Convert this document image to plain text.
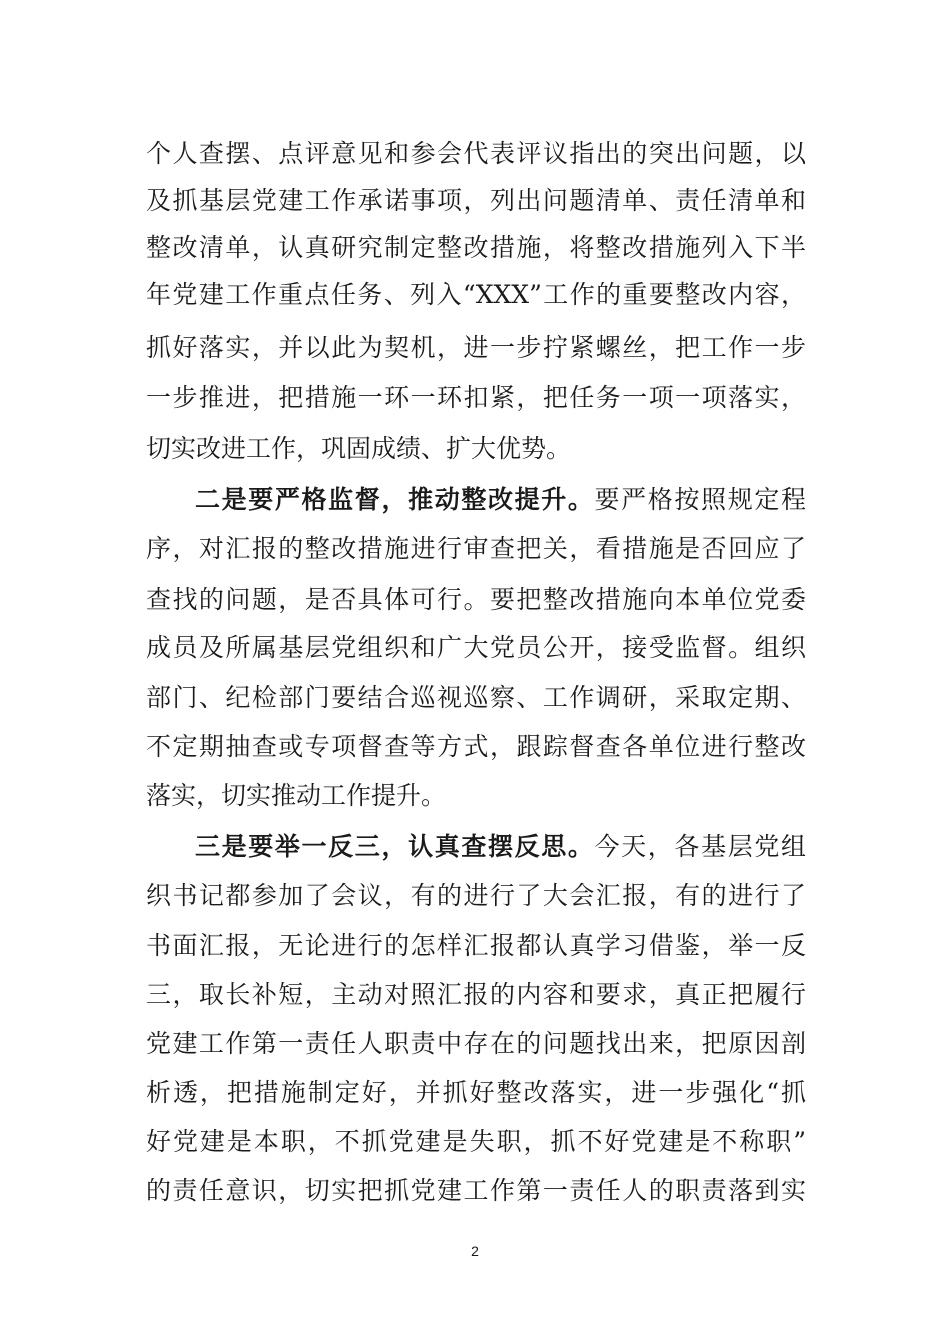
个人查摆、点评意见和参会代表评议指出的突出问题，以
及抓基层党建工作承诺事项，列出问题清单、责任清单和
整改清单，认真研究制定整改措施，将整改措施列入下半
年党建工作重点任务、列入“XXX”工作的重要整改内容，
抓好落实，并以此为契机，进一步拧紧螺丝，把工作一步
一步推进，把措施一环一环扣紧，把任务一项一项落实，
切实改进工作，巩固成绩、扩大优势。
二是要严格监督，推动整改提升。要严格按照规定程
序，对汇报的整改措施进行审查把关，看措施是否回应了
查找的问题，是否具体可行。要把整改措施向本单位党委
成员及所属基层党组织和广大党员公开，接受监督。组织
部门、纪检部门要结合巡视巡察、工作调研，采取定期、
不定期抽查或专项督查等方式，跟踪督查各单位进行整改
落实，切实推动工作提升。
三是要举一反三，认真查摆反思。今天，各基层党组
织书记都参加了会议，有的进行了大会汇报，有的进行了
书面汇报，无论进行的怎样汇报都认真学习借鉴，举一反
三，取长补短，主动对照汇报的内容和要求，真正把履行
党建工作第一责任人职责中存在的问题找出来，把原因剖
析透，把措施制定好，并抓好整改落实，进一步强化“抓
好党建是本职，不抓党建是失职，抓不好党建是不称职”
的责任意识，切实把抓党建工作第一责任人的职责落到实
2
